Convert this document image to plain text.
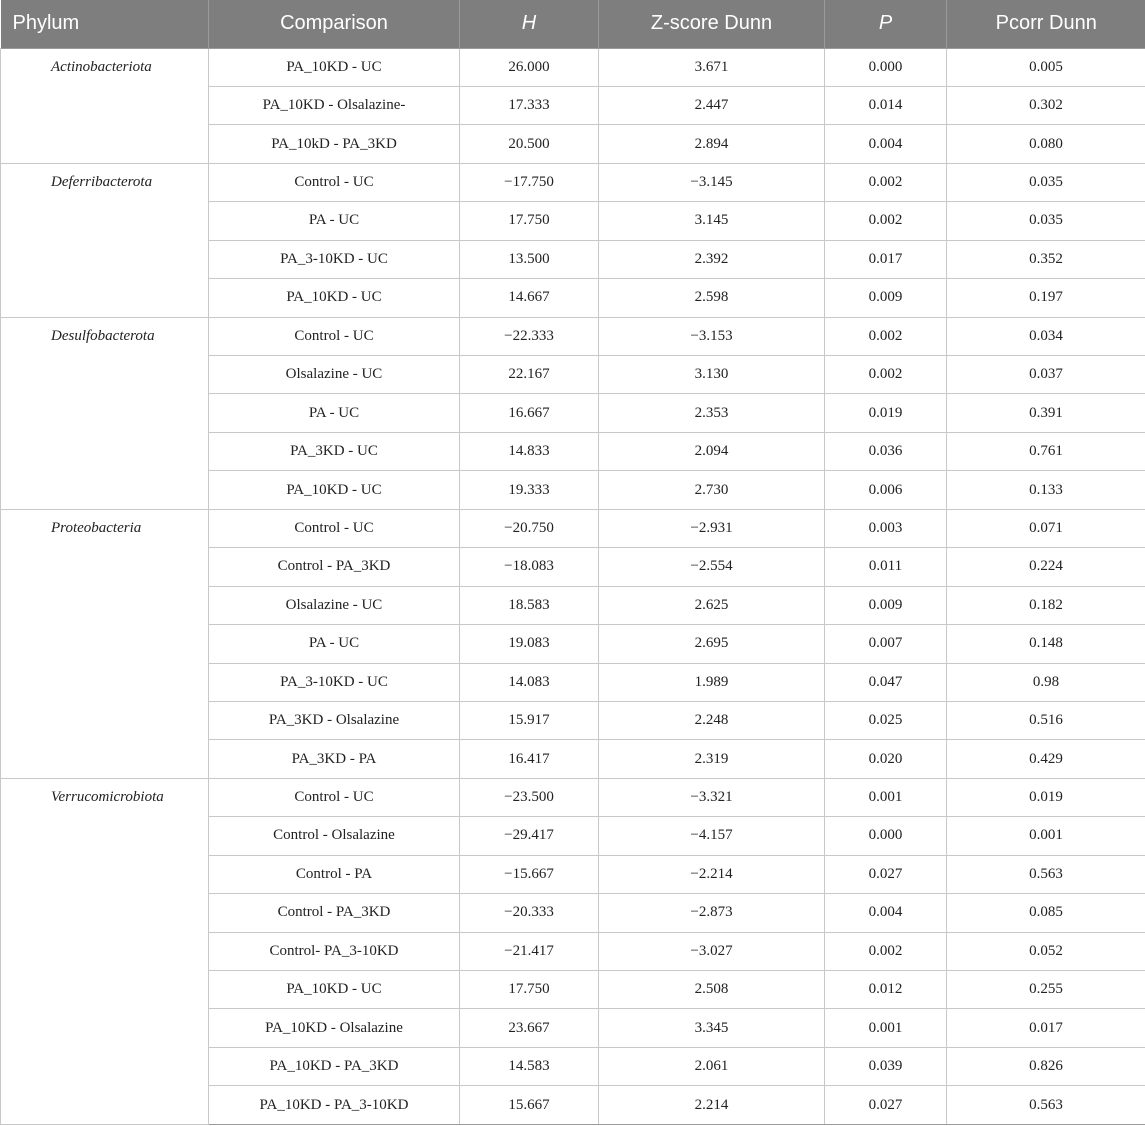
Phylum	Comparison	H	Z-score Dunn	P	Pcorr Dunn
Actinobacteriota	PA_10KD - UC	26.000	3.671	0.000	0.005
	PA_10KD - Olsalazine-	17.333	2.447	0.014	0.302
	PA_10kD - PA_3KD	20.500	2.894	0.004	0.080
Deferribacterota	Control - UC	−17.750	−3.145	0.002	0.035
	PA - UC	17.750	3.145	0.002	0.035
	PA_3-10KD - UC	13.500	2.392	0.017	0.352
	PA_10KD - UC	14.667	2.598	0.009	0.197
Desulfobacterota	Control - UC	−22.333	−3.153	0.002	0.034
	Olsalazine - UC	22.167	3.130	0.002	0.037
	PA - UC	16.667	2.353	0.019	0.391
	PA_3KD - UC	14.833	2.094	0.036	0.761
	PA_10KD - UC	19.333	2.730	0.006	0.133
Proteobacteria	Control - UC	−20.750	−2.931	0.003	0.071
	Control - PA_3KD	−18.083	−2.554	0.011	0.224
	Olsalazine - UC	18.583	2.625	0.009	0.182
	PA - UC	19.083	2.695	0.007	0.148
	PA_3-10KD - UC	14.083	1.989	0.047	0.98
	PA_3KD - Olsalazine	15.917	2.248	0.025	0.516
	PA_3KD - PA	16.417	2.319	0.020	0.429
Verrucomicrobiota	Control - UC	−23.500	−3.321	0.001	0.019
	Control - Olsalazine	−29.417	−4.157	0.000	0.001
	Control - PA	−15.667	−2.214	0.027	0.563
	Control - PA_3KD	−20.333	−2.873	0.004	0.085
	Control- PA_3-10KD	−21.417	−3.027	0.002	0.052
	PA_10KD - UC	17.750	2.508	0.012	0.255
	PA_10KD - Olsalazine	23.667	3.345	0.001	0.017
	PA_10KD - PA_3KD	14.583	2.061	0.039	0.826
	PA_10KD - PA_3-10KD	15.667	2.214	0.027	0.563
